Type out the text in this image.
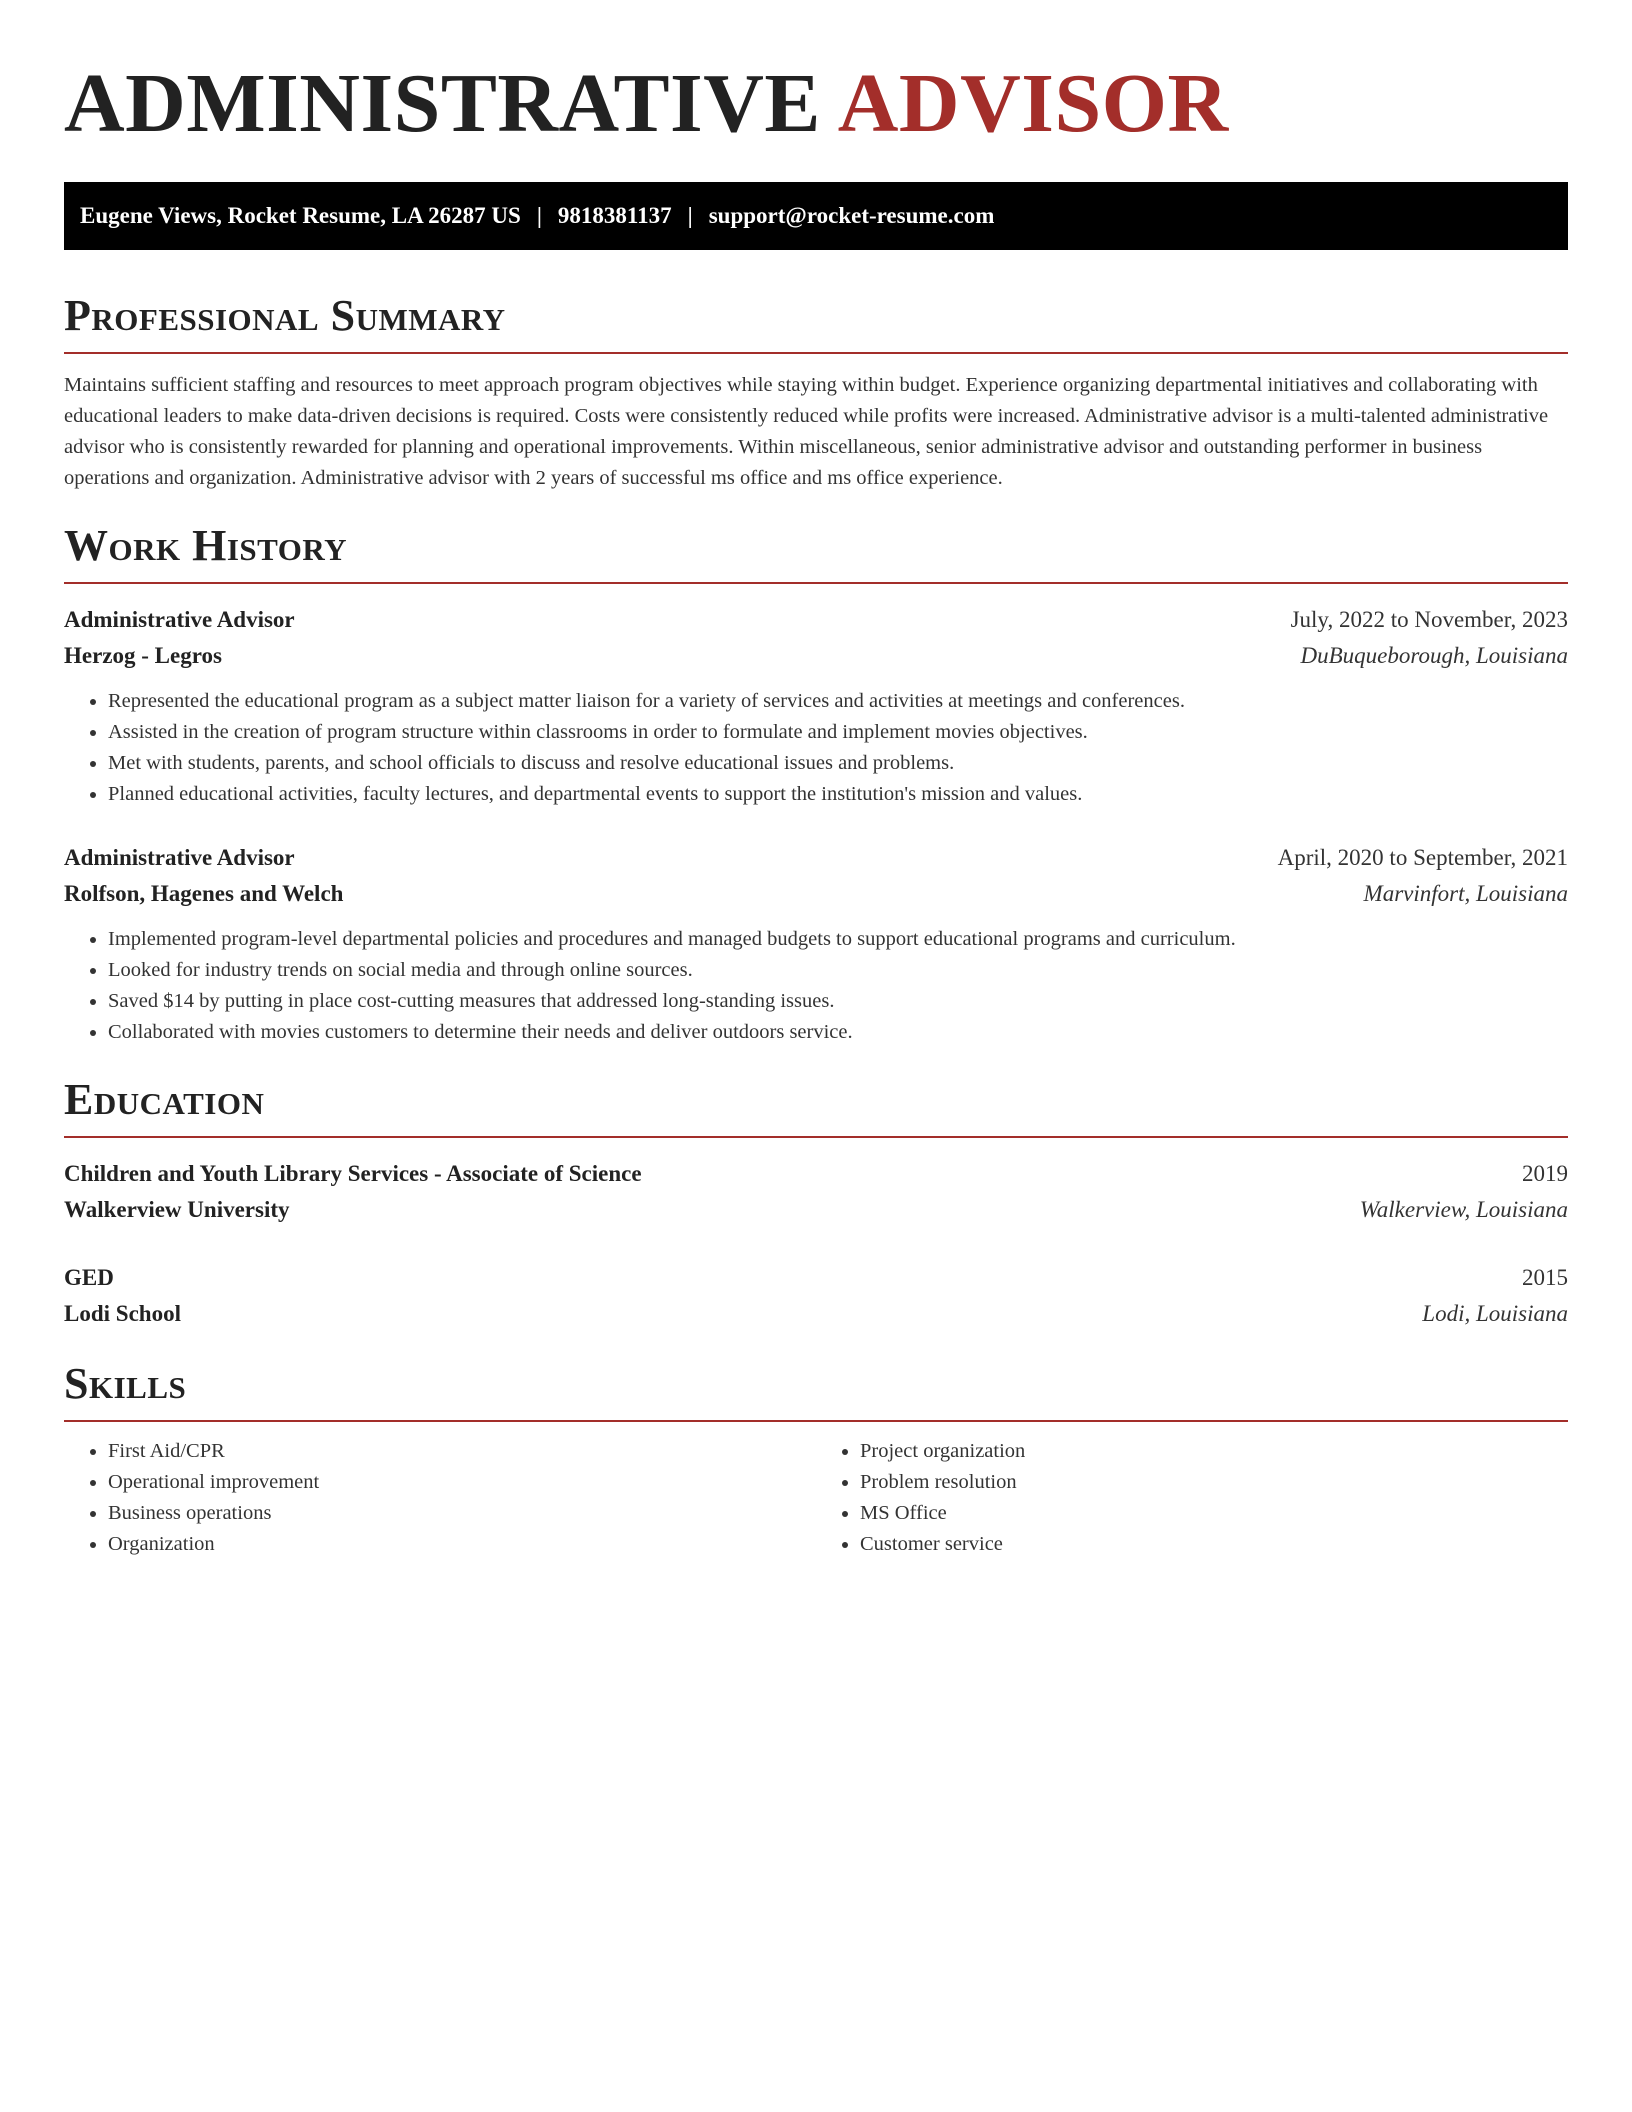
ADMINISTRATIVE ADVISOR
Eugene Views, Rocket Resume, LA 26287 US | 9818381137 | support@rocket-resume.com
Professional Summary

Maintains sufficient staffing and resources to meet approach program objectives while staying within budget. Experience organizing departmental initiatives and collaborating with educational leaders to make data-driven decisions is required. Costs were consistently reduced while profits were increased. Administrative advisor is a multi-talented administrative advisor who is consistently rewarded for planning and operational improvements. Within miscellaneous, senior administrative advisor and outstanding performer in business operations and organization. Administrative advisor with 2 years of successful ms office and ms office experience.

Work History
Administrative Advisor	July, 2022 to November, 2023
Herzog - Legros	DuBuqueborough, Louisiana
• Represented the educational program as a subject matter liaison for a variety of services and activities at meetings and conferences.
• Assisted in the creation of program structure within classrooms in order to formulate and implement movies objectives.
• Met with students, parents, and school officials to discuss and resolve educational issues and problems.
• Planned educational activities, faculty lectures, and departmental events to support the institution's mission and values.
Administrative Advisor	April, 2020 to September, 2021
Rolfson, Hagenes and Welch	Marvinfort, Louisiana
• Implemented program-level departmental policies and procedures and managed budgets to support educational programs and curriculum.
• Looked for industry trends on social media and through online sources.
• Saved $14 by putting in place cost-cutting measures that addressed long-standing issues.
• Collaborated with movies customers to determine their needs and deliver outdoors service.
Education
Children and Youth Library Services - Associate of Science	2019
Walkerview University	Walkerview, Louisiana
GED	2015
Lodi School	Lodi, Louisiana
Skills
• First Aid/CPR
• Operational improvement
• Business operations
• Organization
• Project organization
• Problem resolution
• MS Office
• Customer service
